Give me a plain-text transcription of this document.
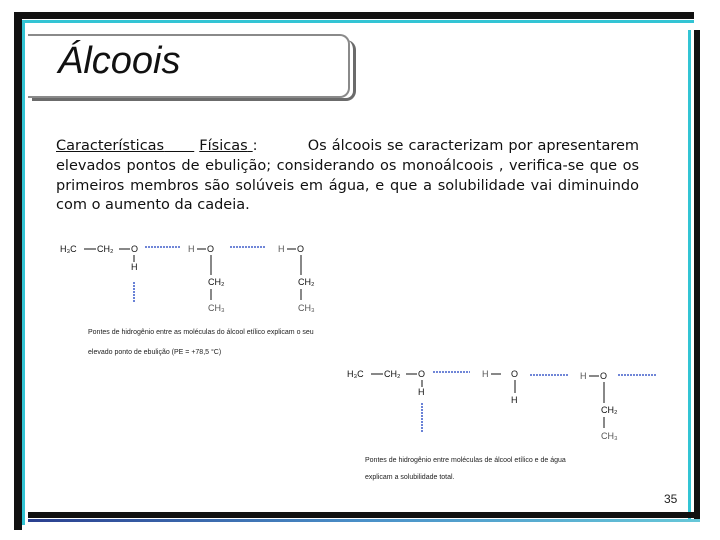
Álcoois
Características Físicas :	Os álcoois se caracterizam por apresentarem elevados pontos de ebulição; considerando os monoálcoois , verifica-se que os primeiros membros são solúveis em água, e que a solubilidade vai diminuindo com o aumento da cadeia.
H₃C CH₂ O
H
H O
CH₂
CH₃
H O
CH₂
CH₃
Pontes de hidrogênio entre as moléculas do álcool etílico explicam o seu
elevado ponto de ebulição (PE = +78,5 °C)
H₃C CH₂ O
H
H	O
H
H O
CH₂
CH₃
Pontes de hidrogênio entre moléculas de álcool etílico e de água
explicam a solubilidade total.
35
